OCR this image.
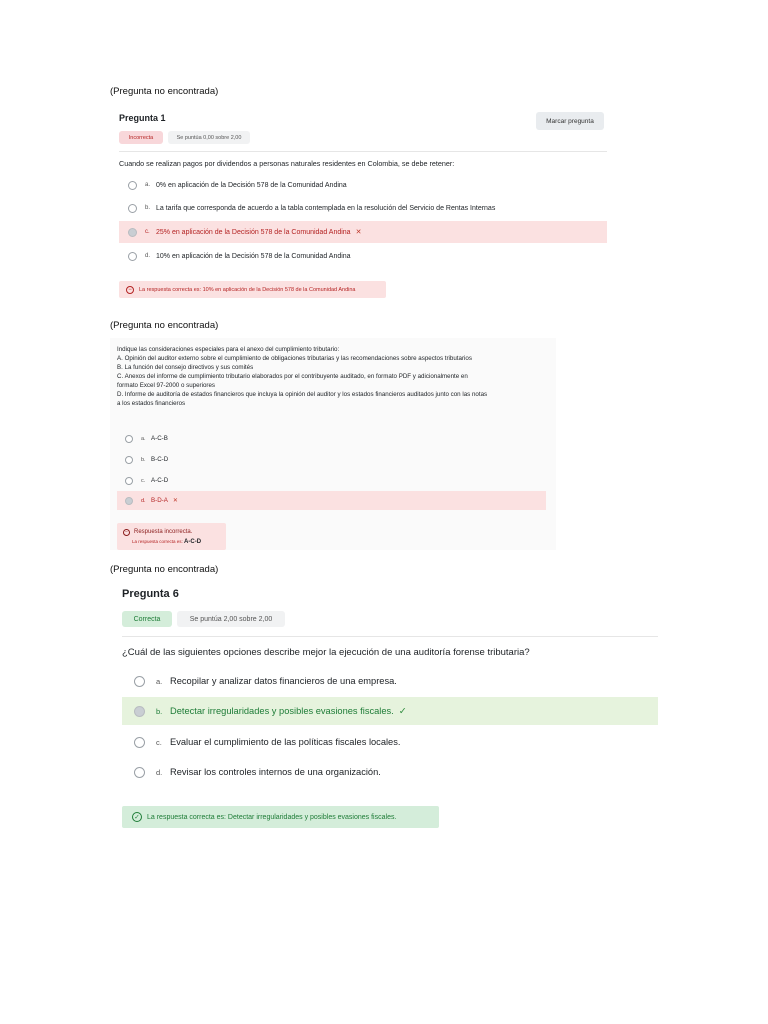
(Pregunta no encontrada)
Pregunta 1
Incorrecta	Se puntúa 0,00 sobre 2,00
Marcar pregunta
Cuando se realizan pagos por dividendos a personas naturales residentes en Colombia, se debe retener:
a. 0% en aplicación de la Decisión 578 de la Comunidad Andina
b. La tarifa que corresponda de acuerdo a la tabla contemplada en la resolución del Servicio de Rentas Internas
c. 25% en aplicación de la Decisión 578 de la Comunidad Andina ✕
d. 10% en aplicación de la Decisión 578 de la Comunidad Andina
−	La respuesta correcta es: 10% en aplicación de la Decisión 578 de la Comunidad Andina
(Pregunta no encontrada)
Indique las consideraciones especiales para el anexo del cumplimiento tributario:
A. Opinión del auditor externo sobre el cumplimiento de obligaciones tributarias y las recomendaciones sobre aspectos tributarios
B. La función del consejo directivos y sus comités
C. Anexos del informe de cumplimiento tributario elaborados por el contribuyente auditado, en formato PDF y adicionalmente en
formato Excel 97-2000 o superiores
D. Informe de auditoría de estados financieros que incluya la opinión del auditor y los estados financieros auditados junto con las notas
a los estados financieros
a. A-C-B
b. B-C-D
c. A-C-D
d. B-D-A ✕
−	Respuesta incorrecta.
La respuesta correcta es: A-C-D
(Pregunta no encontrada)
Pregunta 6
Correcta	Se puntúa 2,00 sobre 2,00
¿Cuál de las siguientes opciones describe mejor la ejecución de una auditoría forense tributaria?
a. Recopilar y analizar datos financieros de una empresa.
b. Detectar irregularidades y posibles evasiones fiscales. ✓
c. Evaluar el cumplimiento de las políticas fiscales locales.
d. Revisar los controles internos de una organización.
✓	La respuesta correcta es: Detectar irregularidades y posibles evasiones fiscales.
